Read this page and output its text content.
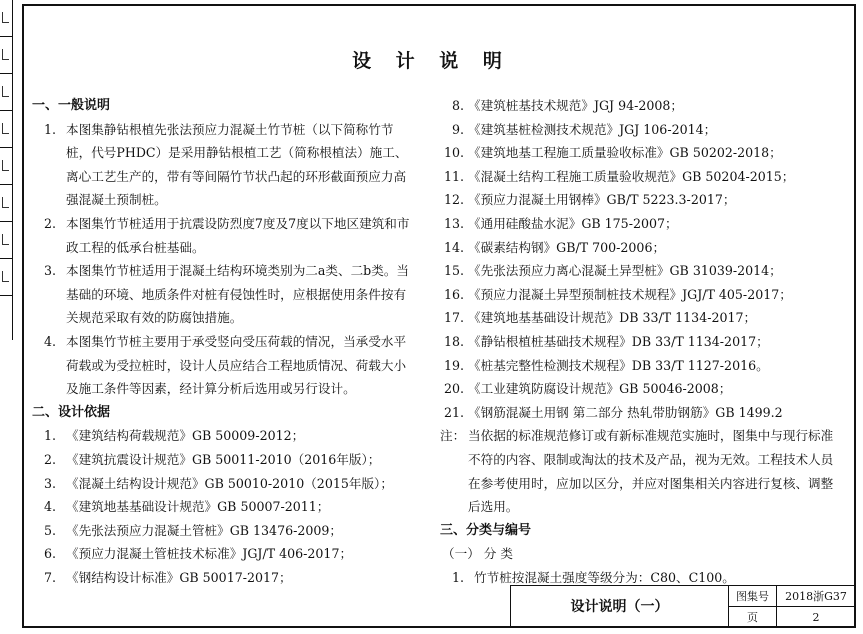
设 计 说 明
一、一般说明
1. 本图集静钻根植先张法预应力混凝土竹节桩（以下简称竹节桩，代号PHDC）是采用静钻根植工艺（简称根植法）施工、离心工艺生产的，带有等间隔竹节状凸起的环形截面预应力高强混凝土预制桩。
2. 本图集竹节桩适用于抗震设防烈度7度及7度以下地区建筑和市政工程的低承台桩基础。
3. 本图集竹节桩适用于混凝土结构环境类别为二a类、二b类。当基础的环境、地质条件对桩有侵蚀性时，应根据使用条件按有关规范采取有效的防腐蚀措施。
4. 本图集竹节桩主要用于承受竖向受压荷载的情况，当承受水平荷载或为受拉桩时，设计人员应结合工程地质情况、荷载大小及施工条件等因素，经计算分析后选用或另行设计。
二、设计依据
1. 《建筑结构荷载规范》GB 50009-2012；
2. 《建筑抗震设计规范》GB 50011-2010（2016年版）；
3. 《混凝土结构设计规范》GB 50010-2010（2015年版）；
4. 《建筑地基基础设计规范》GB 50007-2011；
5. 《先张法预应力混凝土管桩》GB 13476-2009；
6. 《预应力混凝土管桩技术标准》JGJ/T 406-2017；
7. 《钢结构设计标准》GB 50017-2017；
8. 《建筑桩基技术规范》JGJ 94-2008；
9. 《建筑基桩检测技术规范》JGJ 106-2014；
10. 《建筑地基工程施工质量验收标准》GB 50202-2018；
11. 《混凝土结构工程施工质量验收规范》GB 50204-2015；
12. 《预应力混凝土用钢棒》GB/T 5223.3-2017；
13. 《通用硅酸盐水泥》GB 175-2007；
14. 《碳素结构钢》GB/T 700-2006；
15. 《先张法预应力离心混凝土异型桩》GB 31039-2014；
16. 《预应力混凝土异型预制桩技术规程》JGJ/T 405-2017；
17. 《建筑地基基础设计规范》DB 33/T 1134-2017；
18. 《静钻根植桩基础技术规程》DB 33/T 1134-2017；
19. 《桩基完整性检测技术规程》DB 33/T 1127-2016。
20. 《工业建筑防腐设计规范》GB 50046-2008；
21. 《钢筋混凝土用钢 第二部分 热轧带肋钢筋》GB 1499.2
注： 当依据的标准规范修订或有新标准规范实施时，图集中与现行标准不符的内容、限制或淘汰的技术及产品，视为无效。工程技术人员在参考使用时，应加以区分，并应对图集相关内容进行复核、调整后选用。
三、分类与编号
（一） 分 类
1. 竹节桩按混凝土强度等级分为：C80、C100。
设计说明（一）
图集号	2018浙G37
页	2
